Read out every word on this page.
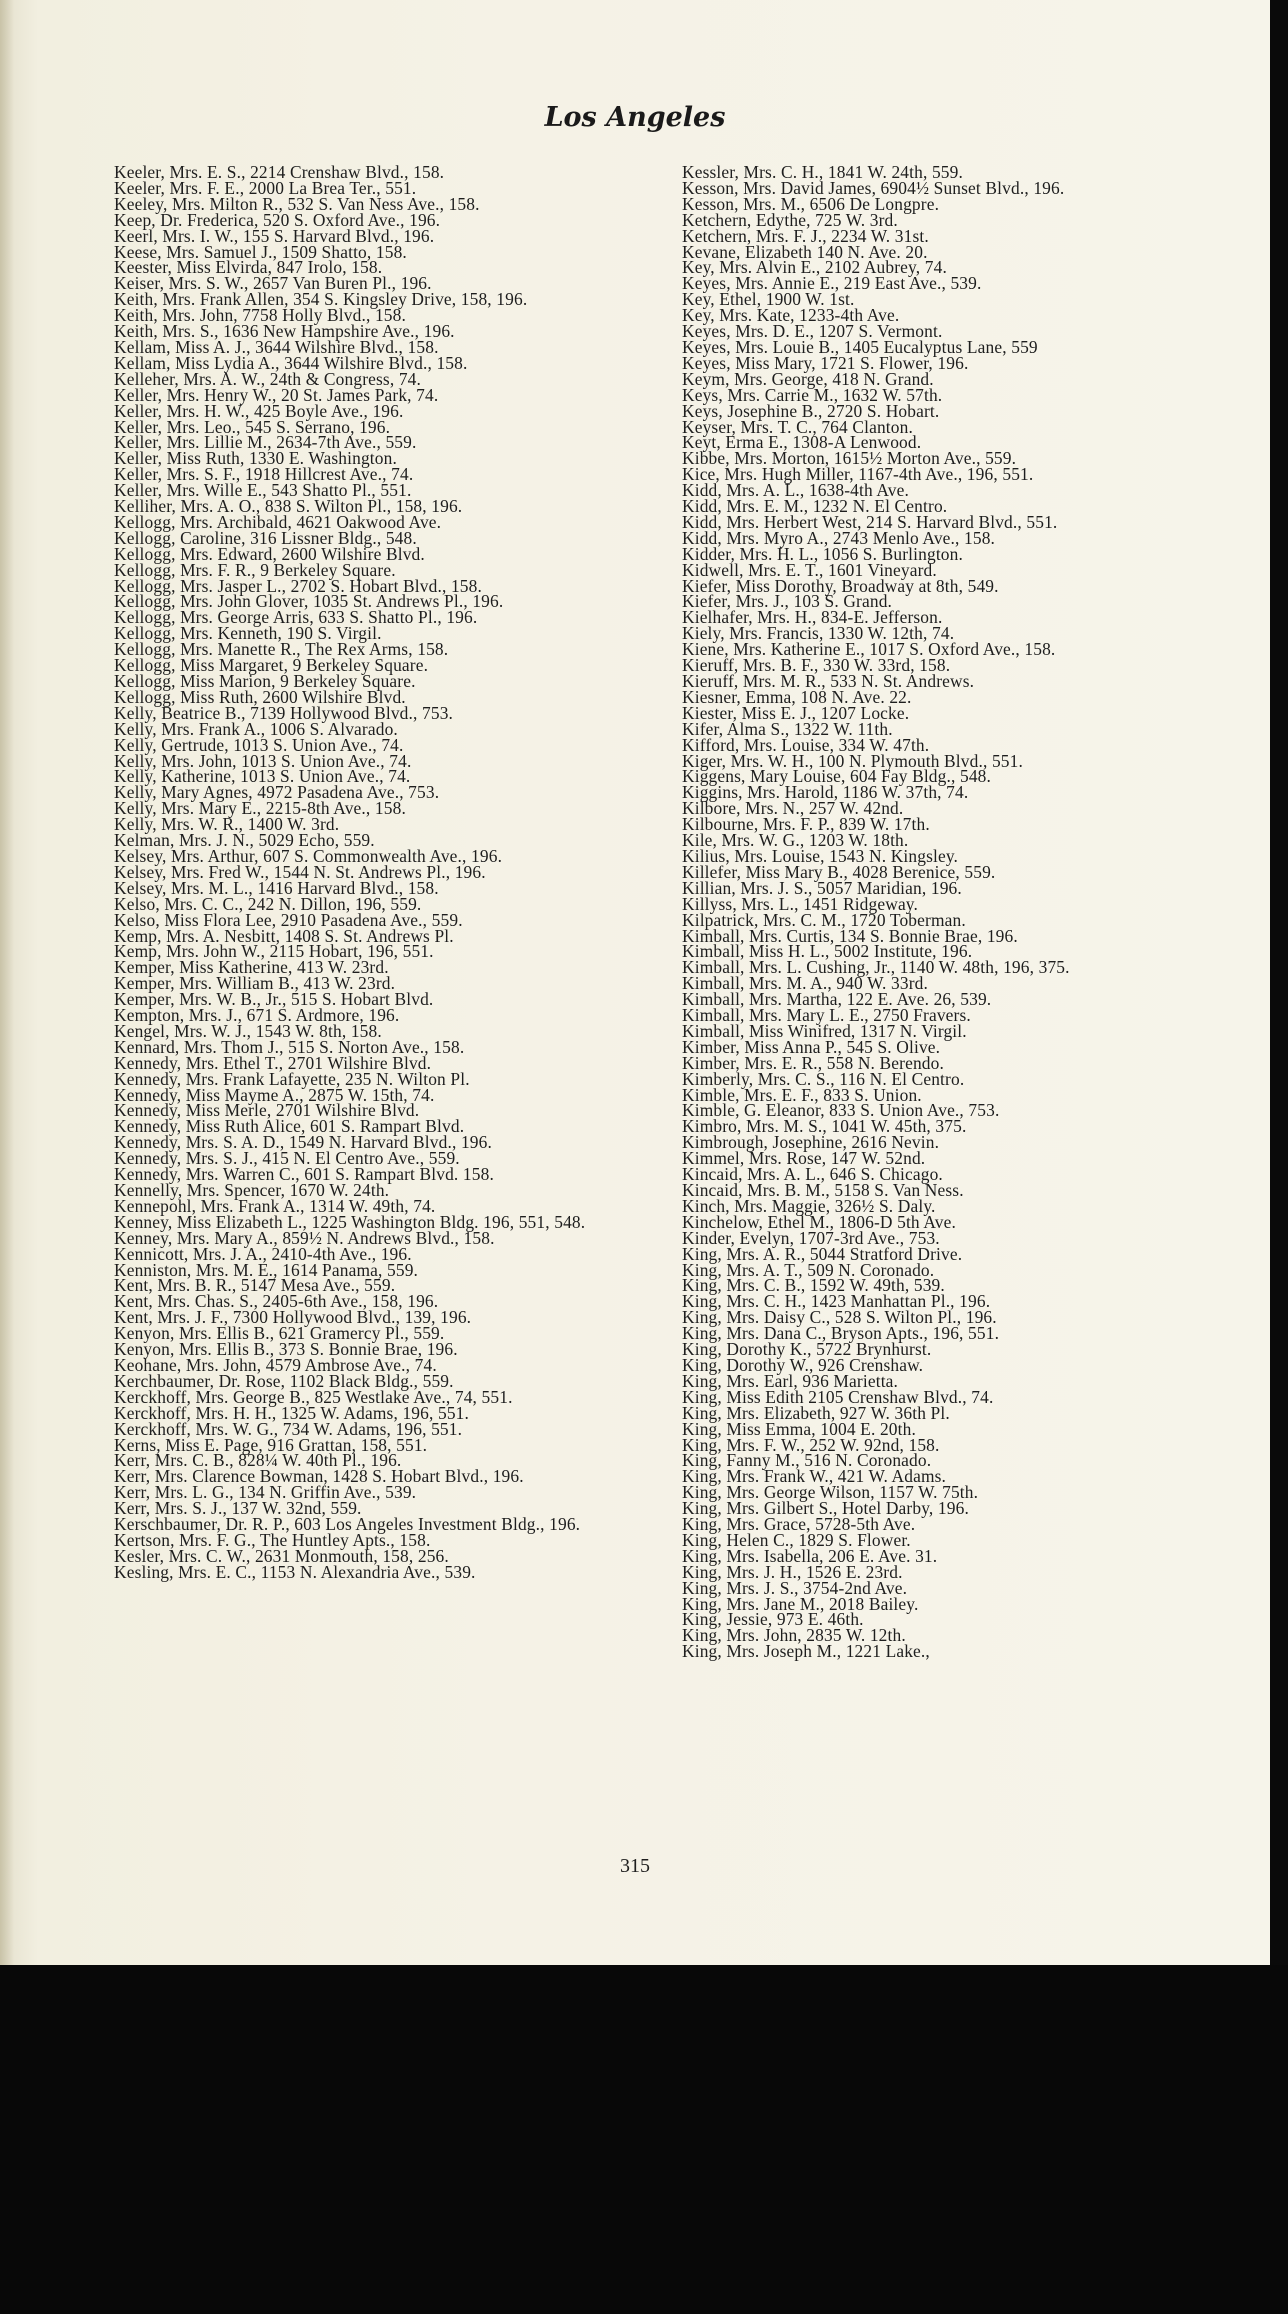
Los Angeles

Keeler, Mrs. E. S., 2214 Crenshaw Blvd., 158.

Keeler, Mrs. F. E., 2000 La Brea Ter., 551.

Keeley, Mrs. Milton R., 532 S. Van Ness Ave., 158.

Keep, Dr. Frederica, 520 S. Oxford Ave., 196.

Keerl, Mrs. I. W., 155 S. Harvard Blvd., 196.

Keese, Mrs. Samuel J., 1509 Shatto, 158.

Keester, Miss Elvirda, 847 Irolo, 158.

Keiser, Mrs. S. W., 2657 Van Buren Pl., 196.

Keith, Mrs. Frank Allen, 354 S. Kingsley Drive, 158, 196.

Keith, Mrs. John, 7758 Holly Blvd., 158.

Keith, Mrs. S., 1636 New Hampshire Ave., 196.

Kellam, Miss A. J., 3644 Wilshire Blvd., 158.

Kellam, Miss Lydia A., 3644 Wilshire Blvd., 158.

Kelleher, Mrs. A. W., 24th & Congress, 74.

Keller, Mrs. Henry W., 20 St. James Park, 74.

Keller, Mrs. H. W., 425 Boyle Ave., 196.

Keller, Mrs. Leo., 545 S. Serrano, 196.

Keller, Mrs. Lillie M., 2634-7th Ave., 559.

Keller, Miss Ruth, 1330 E. Washington.

Keller, Mrs. S. F., 1918 Hillcrest Ave., 74.

Keller, Mrs. Wille E., 543 Shatto Pl., 551.

Kelliher, Mrs. A. O., 838 S. Wilton Pl., 158, 196.

Kellogg, Mrs. Archibald, 4621 Oakwood Ave.

Kellogg, Caroline, 316 Lissner Bldg., 548.

Kellogg, Mrs. Edward, 2600 Wilshire Blvd.

Kellogg, Mrs. F. R., 9 Berkeley Square.

Kellogg, Mrs. Jasper L., 2702 S. Hobart Blvd., 158.

Kellogg, Mrs. John Glover, 1035 St. Andrews Pl., 196.

Kellogg, Mrs. George Arris, 633 S. Shatto Pl., 196.

Kellogg, Mrs. Kenneth, 190 S. Virgil.

Kellogg, Mrs. Manette R., The Rex Arms, 158.

Kellogg, Miss Margaret, 9 Berkeley Square.

Kellogg, Miss Marion, 9 Berkeley Square.

Kellogg, Miss Ruth, 2600 Wilshire Blvd.

Kelly, Beatrice B., 7139 Hollywood Blvd., 753.

Kelly, Mrs. Frank A., 1006 S. Alvarado.

Kelly, Gertrude, 1013 S. Union Ave., 74.

Kelly, Mrs. John, 1013 S. Union Ave., 74.

Kelly, Katherine, 1013 S. Union Ave., 74.

Kelly, Mary Agnes, 4972 Pasadena Ave., 753.

Kelly, Mrs. Mary E., 2215-8th Ave., 158.

Kelly, Mrs. W. R., 1400 W. 3rd.

Kelman, Mrs. J. N., 5029 Echo, 559.

Kelsey, Mrs. Arthur, 607 S. Commonwealth Ave., 196.

Kelsey, Mrs. Fred W., 1544 N. St. Andrews Pl., 196.

Kelsey, Mrs. M. L., 1416 Harvard Blvd., 158.

Kelso, Mrs. C. C., 242 N. Dillon, 196, 559.

Kelso, Miss Flora Lee, 2910 Pasadena Ave., 559.

Kemp, Mrs. A. Nesbitt, 1408 S. St. Andrews Pl.

Kemp, Mrs. John W., 2115 Hobart, 196, 551.

Kemper, Miss Katherine, 413 W. 23rd.

Kemper, Mrs. William B., 413 W. 23rd.

Kemper, Mrs. W. B., Jr., 515 S. Hobart Blvd.

Kempton, Mrs. J., 671 S. Ardmore, 196.

Kengel, Mrs. W. J., 1543 W. 8th, 158.

Kennard, Mrs. Thom J., 515 S. Norton Ave., 158.

Kennedy, Mrs. Ethel T., 2701 Wilshire Blvd.

Kennedy, Mrs. Frank Lafayette, 235 N. Wilton Pl.

Kennedy, Miss Mayme A., 2875 W. 15th, 74.

Kennedy, Miss Merle, 2701 Wilshire Blvd.

Kennedy, Miss Ruth Alice, 601 S. Rampart Blvd.

Kennedy, Mrs. S. A. D., 1549 N. Harvard Blvd., 196.

Kennedy, Mrs. S. J., 415 N. El Centro Ave., 559.

Kennedy, Mrs. Warren C., 601 S. Rampart Blvd. 158.

Kennelly, Mrs. Spencer, 1670 W. 24th.

Kennepohl, Mrs. Frank A., 1314 W. 49th, 74.

Kenney, Miss Elizabeth L., 1225 Washington Bldg. 196, 551, 548.

Kenney, Mrs. Mary A., 859½ N. Andrews Blvd., 158.

Kennicott, Mrs. J. A., 2410-4th Ave., 196.

Kenniston, Mrs. M. E., 1614 Panama, 559.

Kent, Mrs. B. R., 5147 Mesa Ave., 559.

Kent, Mrs. Chas. S., 2405-6th Ave., 158, 196.

Kent, Mrs. J. F., 7300 Hollywood Blvd., 139, 196.

Kenyon, Mrs. Ellis B., 621 Gramercy Pl., 559.

Kenyon, Mrs. Ellis B., 373 S. Bonnie Brae, 196.

Keohane, Mrs. John, 4579 Ambrose Ave., 74.

Kerchbaumer, Dr. Rose, 1102 Black Bldg., 559.

Kerckhoff, Mrs. George B., 825 Westlake Ave., 74, 551.

Kerckhoff, Mrs. H. H., 1325 W. Adams, 196, 551.

Kerckhoff, Mrs. W. G., 734 W. Adams, 196, 551.

Kerns, Miss E. Page, 916 Grattan, 158, 551.

Kerr, Mrs. C. B., 828¼ W. 40th Pl., 196.

Kerr, Mrs. Clarence Bowman, 1428 S. Hobart Blvd., 196.

Kerr, Mrs. L. G., 134 N. Griffin Ave., 539.

Kerr, Mrs. S. J., 137 W. 32nd, 559.

Kerschbaumer, Dr. R. P., 603 Los Angeles Investment Bldg., 196.

Kertson, Mrs. F. G., The Huntley Apts., 158.

Kesler, Mrs. C. W., 2631 Monmouth, 158, 256.

Kesling, Mrs. E. C., 1153 N. Alexandria Ave., 539.

Kessler, Mrs. C. H., 1841 W. 24th, 559.

Kesson, Mrs. David James, 6904½ Sunset Blvd., 196.

Kesson, Mrs. M., 6506 De Longpre.

Ketchern, Edythe, 725 W. 3rd.

Ketchern, Mrs. F. J., 2234 W. 31st.

Kevane, Elizabeth 140 N. Ave. 20.

Key, Mrs. Alvin E., 2102 Aubrey, 74.

Keyes, Mrs. Annie E., 219 East Ave., 539.

Key, Ethel, 1900 W. 1st.

Key, Mrs. Kate, 1233-4th Ave.

Keyes, Mrs. D. E., 1207 S. Vermont.

Keyes, Mrs. Louie B., 1405 Eucalyptus Lane, 559

Keyes, Miss Mary, 1721 S. Flower, 196.

Keym, Mrs. George, 418 N. Grand.

Keys, Mrs. Carrie M., 1632 W. 57th.

Keys, Josephine B., 2720 S. Hobart.

Keyser, Mrs. T. C., 764 Clanton.

Keyt, Erma E., 1308-A Lenwood.

Kibbe, Mrs. Morton, 1615½ Morton Ave., 559.

Kice, Mrs. Hugh Miller, 1167-4th Ave., 196, 551.

Kidd, Mrs. A. L., 1638-4th Ave.

Kidd, Mrs. E. M., 1232 N. El Centro.

Kidd, Mrs. Herbert West, 214 S. Harvard Blvd., 551.

Kidd, Mrs. Myro A., 2743 Menlo Ave., 158.

Kidder, Mrs. H. L., 1056 S. Burlington.

Kidwell, Mrs. E. T., 1601 Vineyard.

Kiefer, Miss Dorothy, Broadway at 8th, 549.

Kiefer, Mrs. J., 103 S. Grand.

Kielhafer, Mrs. H., 834-E. Jefferson.

Kiely, Mrs. Francis, 1330 W. 12th, 74.

Kiene, Mrs. Katherine E., 1017 S. Oxford Ave., 158.

Kieruff, Mrs. B. F., 330 W. 33rd, 158.

Kieruff, Mrs. M. R., 533 N. St. Andrews.

Kiesner, Emma, 108 N. Ave. 22.

Kiester, Miss E. J., 1207 Locke.

Kifer, Alma S., 1322 W. 11th.

Kifford, Mrs. Louise, 334 W. 47th.

Kiger, Mrs. W. H., 100 N. Plymouth Blvd., 551.

Kiggens, Mary Louise, 604 Fay Bldg., 548.

Kiggins, Mrs. Harold, 1186 W. 37th, 74.

Kilbore, Mrs. N., 257 W. 42nd.

Kilbourne, Mrs. F. P., 839 W. 17th.

Kile, Mrs. W. G., 1203 W. 18th.

Kilius, Mrs. Louise, 1543 N. Kingsley.

Killefer, Miss Mary B., 4028 Berenice, 559.

Killian, Mrs. J. S., 5057 Maridian, 196.

Killyss, Mrs. L., 1451 Ridgeway.

Kilpatrick, Mrs. C. M., 1720 Toberman.

Kimball, Mrs. Curtis, 134 S. Bonnie Brae, 196.

Kimball, Miss H. L., 5002 Institute, 196.

Kimball, Mrs. L. Cushing, Jr., 1140 W. 48th, 196, 375.

Kimball, Mrs. M. A., 940 W. 33rd.

Kimball, Mrs. Martha, 122 E. Ave. 26, 539.

Kimball, Mrs. Mary L. E., 2750 Fravers.

Kimball, Miss Winifred, 1317 N. Virgil.

Kimber, Miss Anna P., 545 S. Olive.

Kimber, Mrs. E. R., 558 N. Berendo.

Kimberly, Mrs. C. S., 116 N. El Centro.

Kimble, Mrs. E. F., 833 S. Union.

Kimble, G. Eleanor, 833 S. Union Ave., 753.

Kimbro, Mrs. M. S., 1041 W. 45th, 375.

Kimbrough, Josephine, 2616 Nevin.

Kimmel, Mrs. Rose, 147 W. 52nd.

Kincaid, Mrs. A. L., 646 S. Chicago.

Kincaid, Mrs. B. M., 5158 S. Van Ness.

Kinch, Mrs. Maggie, 326½ S. Daly.

Kinchelow, Ethel M., 1806-D 5th Ave.

Kinder, Evelyn, 1707-3rd Ave., 753.

King, Mrs. A. R., 5044 Stratford Drive.

King, Mrs. A. T., 509 N. Coronado.

King, Mrs. C. B., 1592 W. 49th, 539.

King, Mrs. C. H., 1423 Manhattan Pl., 196.

King, Mrs. Daisy C., 528 S. Wilton Pl., 196.

King, Mrs. Dana C., Bryson Apts., 196, 551.

King, Dorothy K., 5722 Brynhurst.

King, Dorothy W., 926 Crenshaw.

King, Mrs. Earl, 936 Marietta.

King, Miss Edith 2105 Crenshaw Blvd., 74.

King, Mrs. Elizabeth, 927 W. 36th Pl.

King, Miss Emma, 1004 E. 20th.

King, Mrs. F. W., 252 W. 92nd, 158.

King, Fanny M., 516 N. Coronado.

King, Mrs. Frank W., 421 W. Adams.

King, Mrs. George Wilson, 1157 W. 75th.

King, Mrs. Gilbert S., Hotel Darby, 196.

King, Mrs. Grace, 5728-5th Ave.

King, Helen C., 1829 S. Flower.

King, Mrs. Isabella, 206 E. Ave. 31.

King, Mrs. J. H., 1526 E. 23rd.

King, Mrs. J. S., 3754-2nd Ave.

King, Mrs. Jane M., 2018 Bailey.

King, Jessie, 973 E. 46th.

King, Mrs. John, 2835 W. 12th.

King, Mrs. Joseph M., 1221 Lake.,

315
